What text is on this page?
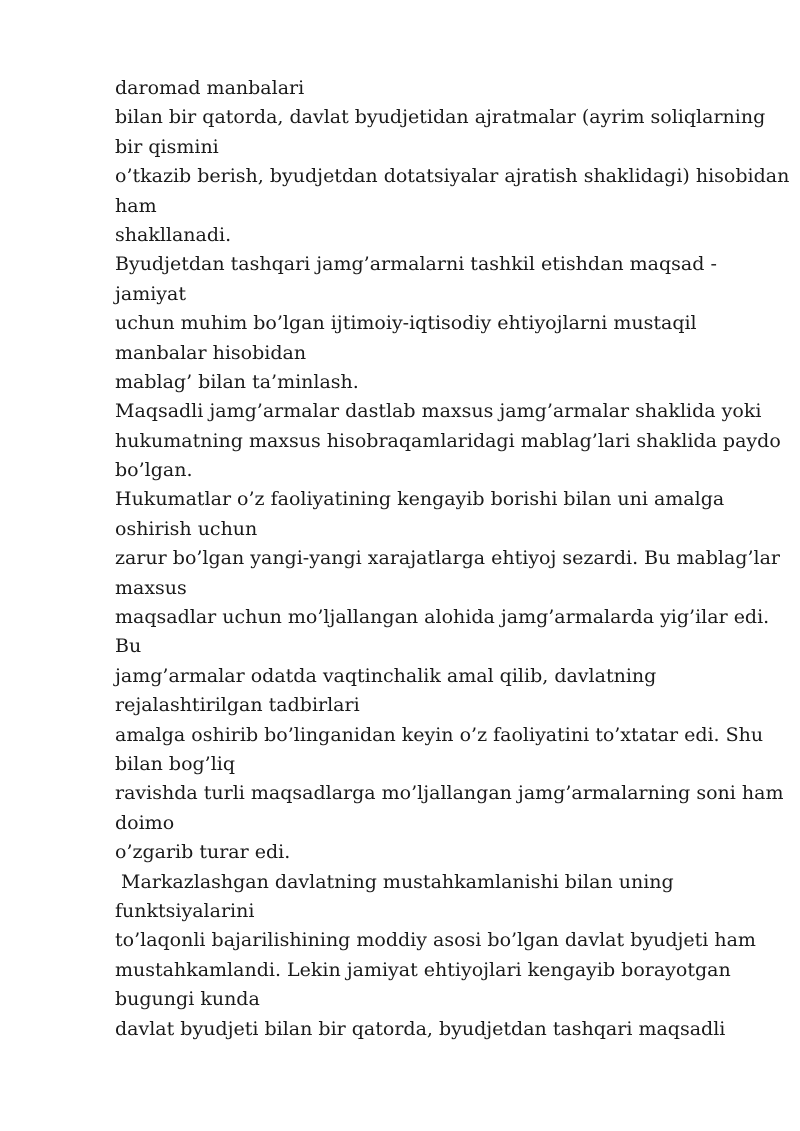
daromad manbalari
bilan bir qatorda, davlat byudjetidan ajratmalar (ayrim soliqlarning
bir qismini
o’tkazib berish, byudjetdan dotatsiyalar ajratish shaklidagi) hisobidan
ham
shakllanadi.
Byudjetdan tashqari jamg’armalarni tashkil etishdan maqsad -
jamiyat
uchun muhim bo’lgan ijtimoiy-iqtisodiy ehtiyojlarni mustaqil
manbalar hisobidan
mablag’ bilan ta’minlash.
Maqsadli jamg’armalar dastlab maxsus jamg’armalar shaklida yoki
hukumatning maxsus hisobraqamlaridagi mablag’lari shaklida paydo
bo’lgan.
Hukumatlar o’z faoliyatining kengayib borishi bilan uni amalga
oshirish uchun
zarur bo’lgan yangi-yangi xarajatlarga ehtiyoj sezardi. Bu mablag’lar
maxsus
maqsadlar uchun mo’ljallangan alohida jamg’armalarda yig’ilar edi.
Bu
jamg’armalar odatda vaqtinchalik amal qilib, davlatning
rejalashtirilgan tadbirlari
amalga oshirib bo’linganidan keyin o’z faoliyatini to’xtatar edi. Shu
bilan bog’liq
ravishda turli maqsadlarga mo’ljallangan jamg’armalarning soni ham
doimo
o’zgarib turar edi.
Markazlashgan davlatning mustahkamlanishi bilan uning
funktsiyalarini
to’laqonli bajarilishining moddiy asosi bo’lgan davlat byudjeti ham
mustahkamlandi. Lekin jamiyat ehtiyojlari kengayib borayotgan
bugungi kunda
davlat byudjeti bilan bir qatorda, byudjetdan tashqari maqsadli
